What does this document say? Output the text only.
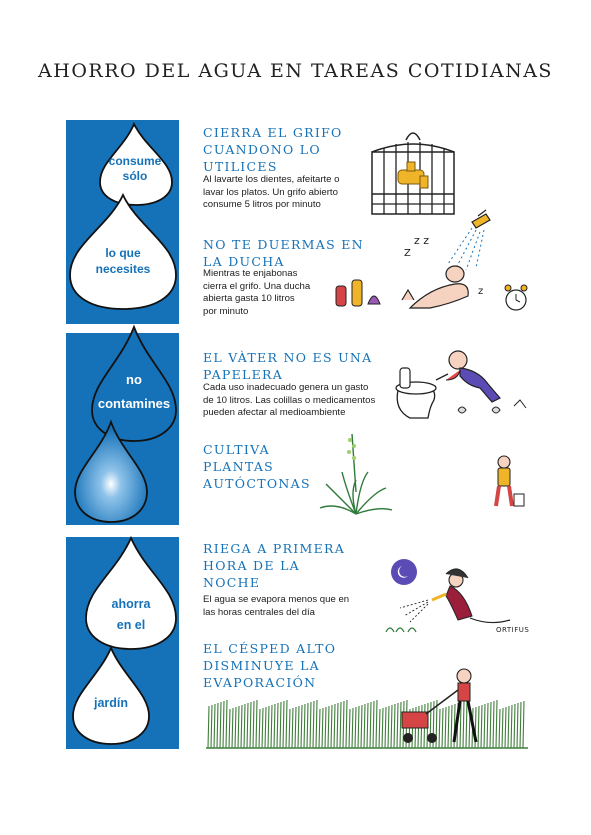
AHORRO DEL AGUA EN TAREAS COTIDIANAS
consume
sólo
lo que
necesites
no
contamines
ahorra
en el
jardín
CIERRA EL GRIFO
CUANDONO LO
UTILICES
Al lavarte los dientes, afeitarte o
lavar los platos. Un grifo abierto
consume 5 litros por minuto
NO TE DUERMAS EN
LA DUCHA
Mientras te enjabonas
cierra el grifo. Una ducha
abierta gasta 10 litros
por minuto
EL VÀTER NO ES UNA
PAPELERA
Cada uso inadecuado genera un gasto
de 10 litros. Las colillas o medicamentos
pueden afectar al medioambiente
CULTIVA
PLANTAS
AUTÓCTONAS
RIEGA A PRIMERA
HORA DE LA
NOCHE
El agua se evapora menos que en
las horas centrales del día
EL CÉSPED ALTO
DISMINUYE LA
EVAPORACIÓN
z z
Z
z
ORTIFUS
